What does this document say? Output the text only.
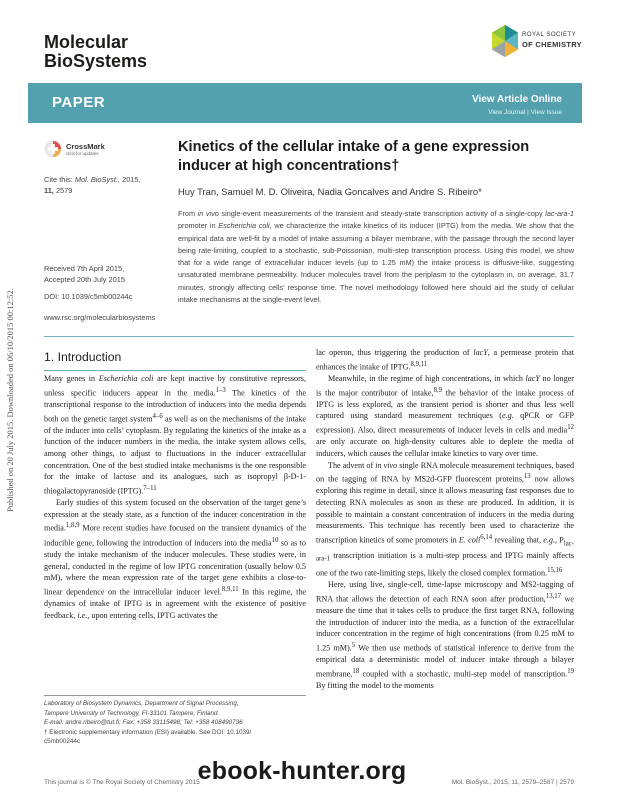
Published on 20 July 2015. Downloaded on 06/10/2015 00:12:52.
Molecular
BioSystems
ROYAL SOCIETY
OF CHEMISTRY
PAPER	View Article Online
View Journal | View Issue
CrossMark
click for updates
Cite this: Mol. BioSyst., 2015,
11, 2579
Received 7th April 2015,
Accepted 20th July 2015
DOI: 10.1039/c5mb00244c
www.rsc.org/molecularbiosystems
Kinetics of the cellular intake of a gene expression inducer at high concentrations†
Huy Tran, Samuel M. D. Oliveira, Nadia Goncalves and Andre S. Ribeiro*

From in vivo single-event measurements of the transient and steady-state transcription activity of a single-copy lac-ara-1 promoter in Escherichia coli, we characterize the intake kinetics of its inducer (IPTG) from the media. We show that the empirical data are well-fit by a model of intake assuming a bilayer membrane, with the passage through the second layer being rate-limiting, coupled to a stochastic, sub-Poissonian, multi-step transcription process. Using this model, we show that for a wide range of extracellular inducer levels (up to 1.25 mM) the intake process is diffusive-like, suggesting unsaturated membrane permeability. Inducer molecules travel from the periplasm to the cytoplasm in, on average, 31.7 minutes, strongly affecting cells’ response time. The novel methodology followed here should aid the study of cellular intake mechanisms at the single-event level.

1. Introduction

Many genes in Escherichia coli are kept inactive by constitutive repressors, unless specific inducers appear in the media.$^{1-3}$ The kinetics of the transcriptional response to the introduction of inducers into the media depends both on the genetic target system$^{4-6}$ as well as on the mechanisms of the intake of the inducer into cells’ cytoplasm. By regulating the kinetics of the intake as a function of the inducer numbers in the media, the intake system allows cells, among other things, to adjust to fluctuations in the inducer extracellular concentration. One of the best studied intake mechanisms is the one responsible for the intake of lactose and its analogues, such as isopropyl β-D-1-thiogalactopyranoside (IPTG).$^{7-11}$

Early studies of this system focused on the observation of the target gene’s expression at the steady state, as a function of the inducer concentration in the media.$^{1,8,9}$ More recent studies have focused on the transient dynamics of the inducible gene, following the introduction of inducers into the media$^{10}$ so as to study the intake mechanism of the inducer molecules. These studies were, in general, conducted in the regime of low IPTG concentration (usually below 0.5 mM), where the mean expression rate of the target gene exhibits a close-to-linear dependence on the intracellular inducer level.$^{8,9,11}$ In this regime, the dynamics of intake of IPTG is in agreement with the existence of positive feedback, i.e., upon entering cells, IPTG activates the

Laboratory of Biosystem Dynamics, Department of Signal Processing,
Tampere University of Technology, FI-33101 Tampere, Finland.
E-mail: andre.ribeiro@tut.fi; Fax: +358 33115498; Tel: +358 408490736
† Electronic supplementary information (ESI) available. See DOI: 10.1039/
c5mb00244c

lac operon, thus triggering the production of lacY, a permease protein that enhances the intake of IPTG.$^{8,9,11}$

Meanwhile, in the regime of high concentrations, in which lacY no longer is the major contributor of intake,$^{8,9}$ the behavior of the intake process of IPTG is less explored, as the transient period is shorter and thus less well captured using standard measurement techniques (e.g. qPCR or GFP expression). Also, direct measurements of inducer levels in cells and media$^{12}$ are only accurate on high-density cultures able to deplete the media of inducers, which causes the cellular intake kinetics to vary over time.

The advent of in vivo single RNA molecule measurement techniques, based on the tagging of RNA by MS2d-GFP fluorescent proteins,$^{13}$ now allows exploring this regime in detail, since it allows measuring fast responses due to detecting RNA molecules as soon as these are produced. In addition, it is possible to maintain a constant concentration of inducers in the media during measurements. This technique has recently been used to characterize the transcription kinetics of some promoters in E. coli$^{6,14}$ revealing that, e.g., $P_{lac-ara-1}$ transcription initiation is a multi-step process and IPTG mainly affects one of the two rate-limiting steps, likely the closed complex formation.$^{15,16}$

Here, using live, single-cell, time-lapse microscopy and MS2-tagging of RNA that allows the detection of each RNA soon after production,$^{13,17}$ we measure the time that it takes cells to produce the first target RNA, following the introduction of inducer into the media, as a function of the extracellular inducer concentration in the regime of high concentrations (from 0.25 mM to 1.25 mM).$^5$ We then use methods of statistical inference to derive from the empirical data a deterministic model of inducer intake through a bilayer membrane,$^{18}$ coupled with a stochastic, multi-step model of transcription.$^{19}$ By fitting the model to the moments

This journal is © The Royal Society of Chemistry 2015	Mol. BioSyst., 2015, 11, 2579–2587 | 2579
ebook-hunter.org
